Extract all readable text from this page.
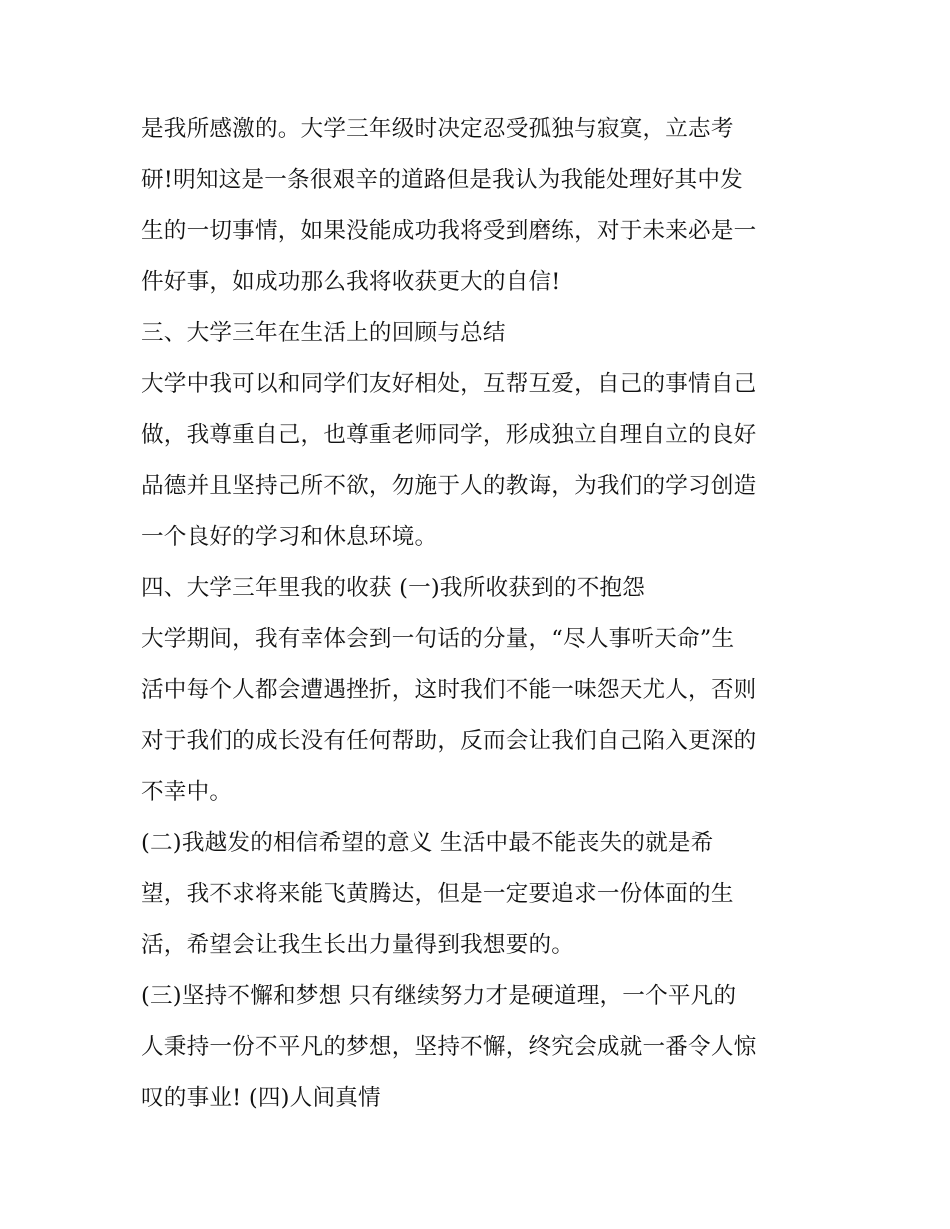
是我所感激的。大学三年级时决定忍受孤独与寂寞，立志考
研!明知这是一条很艰辛的道路但是我认为我能处理好其中发
生的一切事情，如果没能成功我将受到磨练，对于未来必是一
件好事，如成功那么我将收获更大的自信!
三、大学三年在生活上的回顾与总结
大学中我可以和同学们友好相处，互帮互爱，自己的事情自己
做，我尊重自己，也尊重老师同学，形成独立自理自立的良好
品德并且坚持己所不欲，勿施于人的教诲，为我们的学习创造
一个良好的学习和休息环境。
四、大学三年里我的收获 (一)我所收获到的不抱怨
大学期间，我有幸体会到一句话的分量，“尽人事听天命”生
活中每个人都会遭遇挫折，这时我们不能一味怨天尤人，否则
对于我们的成长没有任何帮助，反而会让我们自己陷入更深的
不幸中。
(二)我越发的相信希望的意义 生活中最不能丧失的就是希
望，我不求将来能飞黄腾达，但是一定要追求一份体面的生
活，希望会让我生长出力量得到我想要的。
(三)坚持不懈和梦想 只有继续努力才是硬道理，一个平凡的
人秉持一份不平凡的梦想，坚持不懈，终究会成就一番令人惊
叹的事业! (四)人间真情
